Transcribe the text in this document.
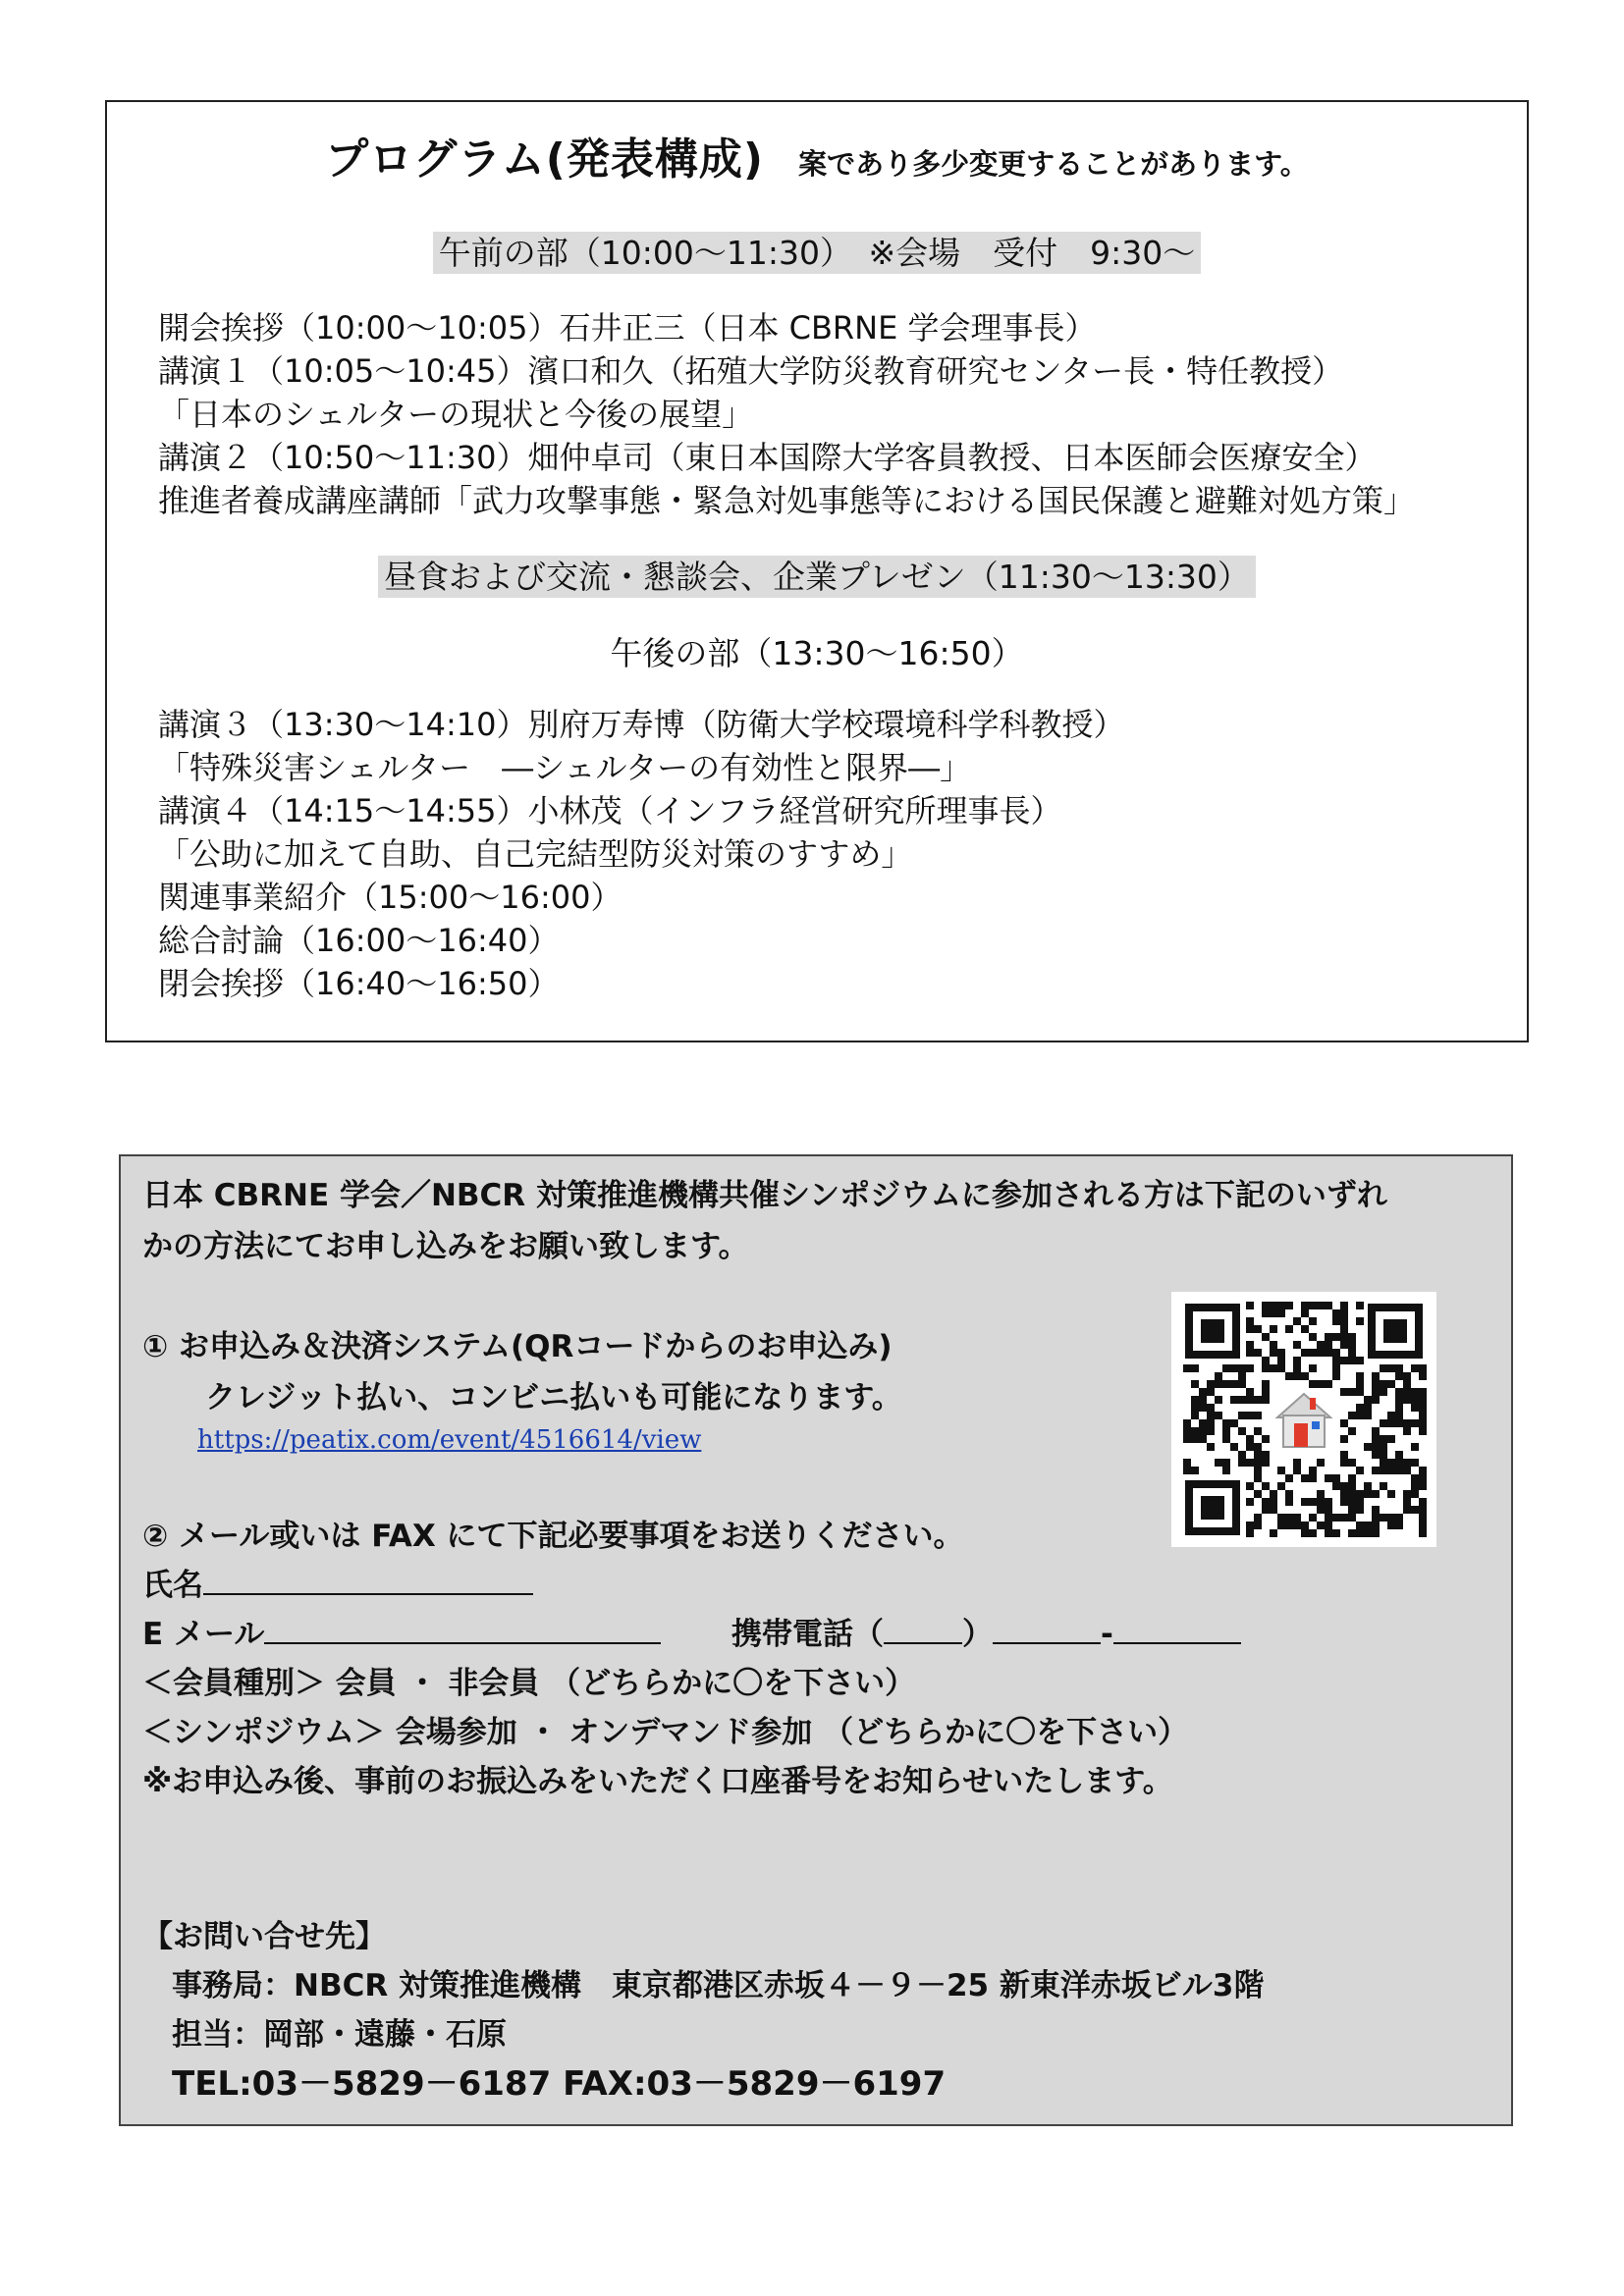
プログラム(発表構成) 案であり多少変更することがあります。
午前の部（10:00～11:30）　※会場　受付　9:30～
開会挨拶（10:00～10:05）石井正三（日本 CBRNE 学会理事長）
講演１（10:05～10:45）濱口和久（拓殖大学防災教育研究センター長・特任教授）
「日本のシェルターの現状と今後の展望」
講演２（10:50～11:30）畑仲卓司（東日本国際大学客員教授、日本医師会医療安全）
推進者養成講座講師「武力攻撃事態・緊急対処事態等における国民保護と避難対処方策」
昼食および交流・懇談会、企業プレゼン（11:30～13:30）
午後の部（13:30～16:50）
講演３（13:30～14:10）別府万寿博（防衛大学校環境科学科教授）
「特殊災害シェルター　―シェルターの有効性と限界―」
講演４（14:15～14:55）小林茂（インフラ経営研究所理事長）
「公助に加えて自助、自己完結型防災対策のすすめ」
関連事業紹介（15:00～16:00）
総合討論（16:00～16:40）
閉会挨拶（16:40～16:50）
日本 CBRNE 学会／NBCR 対策推進機構共催シンポジウムに参加される方は下記のいずれ
かの方法にてお申し込みをお願い致します。
① お申込み＆決済システム(QRコードからのお申込み)
クレジット払い、コンビニ払いも可能になります。
https://peatix.com/event/4516614/view
② メール或いは FAX にて下記必要事項をお送りください。
氏名
E メール	携帯電話（	）	-
＜会員種別＞ 会員 ・ 非会員 （どちらかに〇を下さい）
＜シンポジウム＞ 会場参加 ・ オンデマンド参加 （どちらかに〇を下さい）
※お申込み後、事前のお振込みをいただく口座番号をお知らせいたします。
【お問い合せ先】
事務局：NBCR 対策推進機構　東京都港区赤坂４－９－25 新東洋赤坂ビル3階
担当：岡部・遠藤・石原
TEL:03－5829－6187 FAX:03－5829－6197
